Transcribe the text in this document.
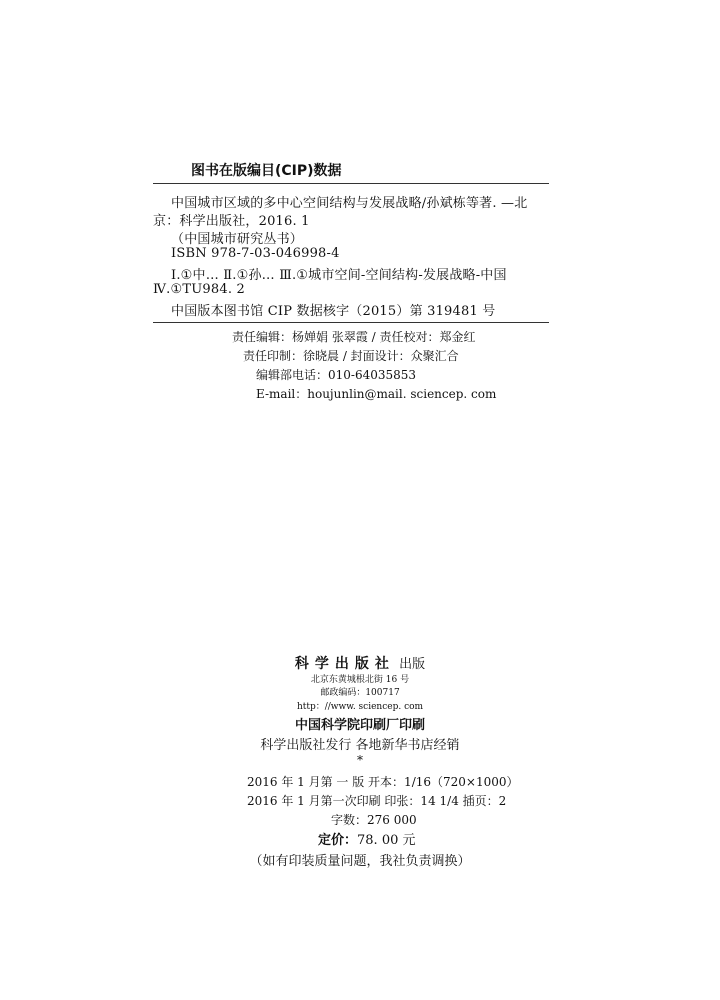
图书在版编目(CIP)数据
中国城市区域的多中心空间结构与发展战略/孙斌栋等著. —北
京：科学出版社，2016. 1
（中国城市研究丛书）
ISBN 978-7-03-046998-4
Ⅰ.①中… Ⅱ.①孙… Ⅲ.①城市空间-空间结构-发展战略-中国
Ⅳ.①TU984. 2
中国版本图书馆 CIP 数据核字（2015）第 319481 号
责任编辑：杨婵娟 张翠霞 / 责任校对：郑金红
责任印制：徐晓晨 / 封面设计：众聚汇合
编辑部电话：010-64035853
E-mail：houjunlin@mail. sciencep. com
科学出版社 出版
北京东黄城根北街 16 号
邮政编码：100717
http：//www. sciencep. com
中国科学院印刷厂印刷
科学出版社发行 各地新华书店经销
*
2016 年 1 月第 一 版 开本：1/16（720×1000）
2016 年 1 月第一次印刷 印张：14 1/4 插页：2
字数：276 000
定价：78. 00 元
（如有印装质量问题，我社负责调换）
